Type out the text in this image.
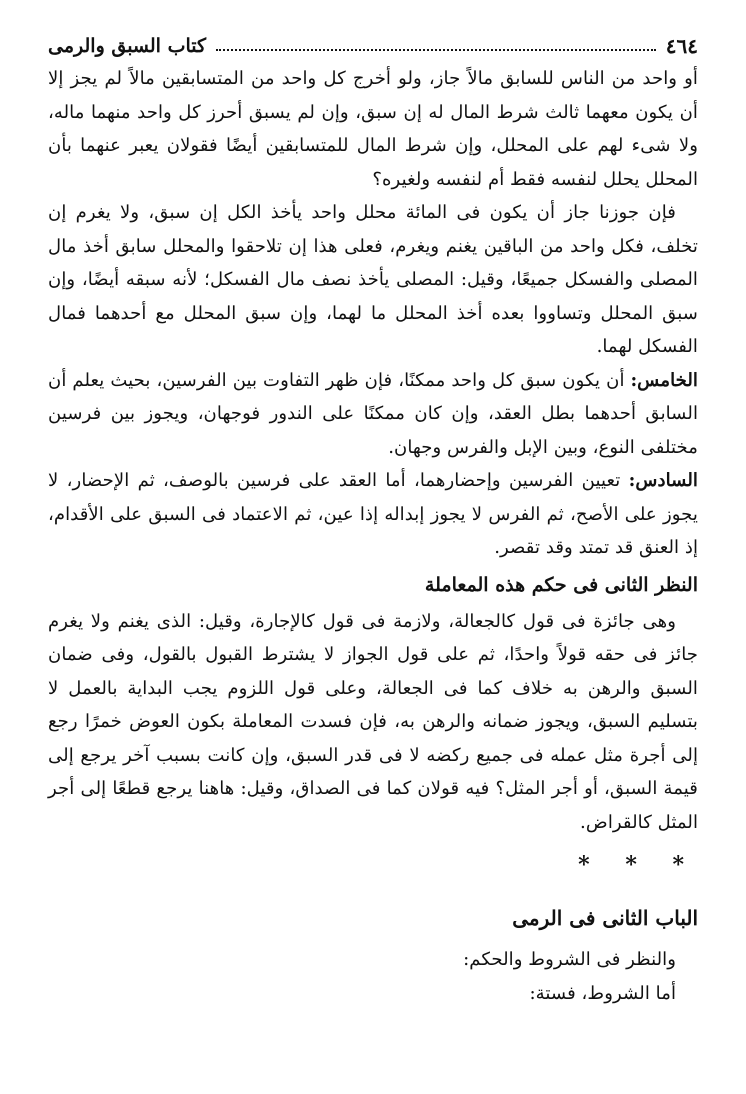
٤٦٤
كتاب السبق والرمى

أو واحد من الناس للسابق مالاً جاز، ولو أخرج كل واحد من المتسابقين مالاً لم يجز إلا أن يكون معهما ثالث شرط المال له إن سبق، وإن لم يسبق أحرز كل واحد منهما ماله، ولا شىء لهم على المحلل، وإن شرط المال للمتسابقين أيضًا فقولان يعبر عنهما بأن المحلل يحلل لنفسه فقط أم لنفسه ولغيره؟

فإن جوزنا جاز أن يكون فى المائة محلل واحد يأخذ الكل إن سبق، ولا يغرم إن تخلف، فكل واحد من الباقين يغنم ويغرم، فعلى هذا إن تلاحقوا والمحلل سابق أخذ مال المصلى والفسكل جميعًا، وقيل: المصلى يأخذ نصف مال الفسكل؛ لأنه سبقه أيضًا، وإن سبق المحلل وتساووا بعده أخذ المحلل ما لهما، وإن سبق المحلل مع أحدهما فمال الفسكل لهما.

الخامس: أن يكون سبق كل واحد ممكنًا، فإن ظهر التفاوت بين الفرسين، بحيث يعلم أن السابق أحدهما بطل العقد، وإن كان ممكنًا على الندور فوجهان، ويجوز بين فرسين مختلفى النوع، وبين الإبل والفرس وجهان.

السادس: تعيين الفرسين وإحضارهما، أما العقد على فرسين بالوصف، ثم الإحضار، لا يجوز على الأصح، ثم الفرس لا يجوز إبداله إذا عين، ثم الاعتماد فى السبق على الأقدام، إذ العنق قد تمتد وقد تقصر.

النظر الثانى فى حكم هذه المعاملة

وهى جائزة فى قول كالجعالة، ولازمة فى قول كالإجارة، وقيل: الذى يغنم ولا يغرم جائز فى حقه قولاً واحدًا، ثم على قول الجواز لا يشترط القبول بالقول، وفى ضمان السبق والرهن به خلاف كما فى الجعالة، وعلى قول اللزوم يجب البداية بالعمل لا بتسليم السبق، ويجوز ضمانه والرهن به، فإن فسدت المعاملة بكون العوض خمرًا رجع إلى أجرة مثل عمله فى جميع ركضه لا فى قدر السبق، وإن كانت بسبب آخر يرجع إلى قيمة السبق، أو أجر المثل؟ فيه قولان كما فى الصداق، وقيل: هاهنا يرجع قطعًا إلى أجر المثل كالقراض.

* * *
الباب الثانى فى الرمى

والنظر فى الشروط والحكم:

أما الشروط، فستة:
